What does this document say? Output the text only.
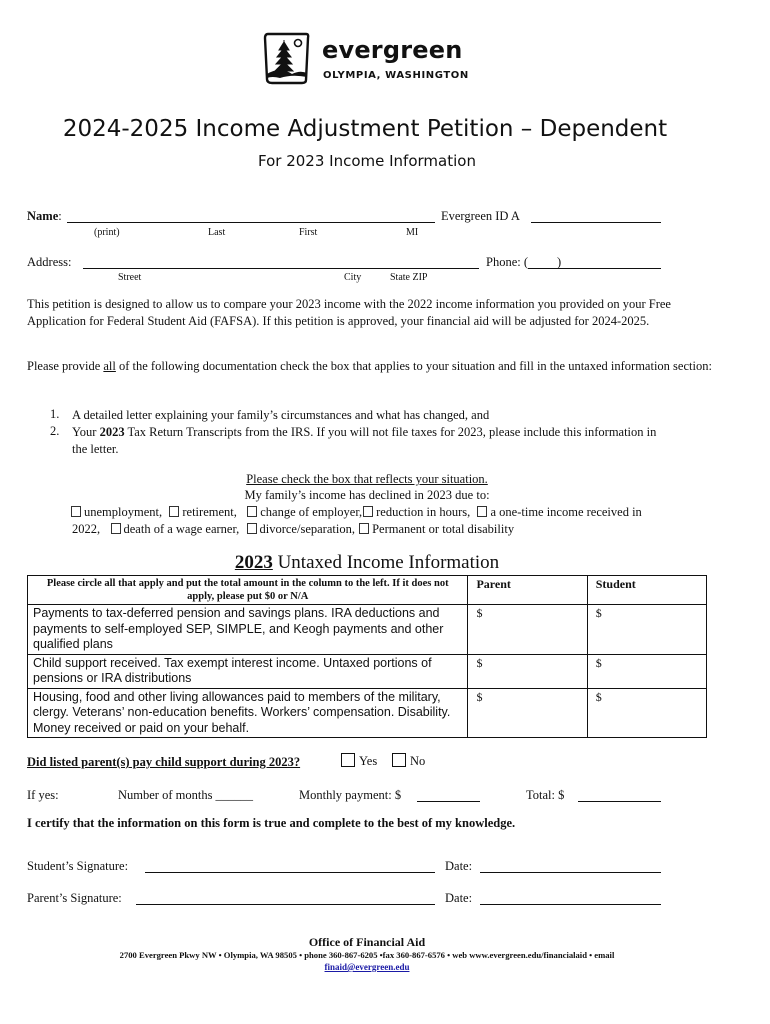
evergreen
OLYMPIA, WASHINGTON
2024-2025 Income Adjustment Petition – Dependent
For 2023 Income Information
Name:	Evergreen ID A
(print)	Last	First	MI
Address:	Phone: ( )
Street	City	State ZIP
This petition is designed to allow us to compare your 2023 income with the 2022 income information you provided on your Free Application for Federal Student Aid (FAFSA). If this petition is approved, your financial aid will be adjusted for 2024-2025.
Please provide all of the following documentation check the box that applies to your situation and fill in the untaxed information section:
1. A detailed letter explaining your family’s circumstances and what has changed, and
2. Your 2023 Tax Return Transcripts from the IRS. If you will not file taxes for 2023, please include this information in the letter.
Please check the box that reflects your situation.
My family’s income has declined in 2023 due to:
unemployment, retirement, change of employer, reduction in hours, a one-time income received in
2022, death of a wage earner, divorce/separation, Permanent or total disability
2023 Untaxed Income Information
Please circle all that apply and put the total amount in the column to the left. If it does not apply, please put $0 or N/A	Parent	Student
Payments to tax-deferred pension and savings plans. IRA deductions and payments to self-employed SEP, SIMPLE, and Keogh payments and other qualified plans	$	$
Child support received. Tax exempt interest income. Untaxed portions of pensions or IRA distributions	$	$
Housing, food and other living allowances paid to members of the military, clergy. Veterans’ non-education benefits. Workers’ compensation. Disability. Money received or paid on your behalf.	$	$
Did listed parent(s) pay child support during 2023?	Yes	No
If yes:	Number of months ______	Monthly payment: $	Total: $
I certify that the information on this form is true and complete to the best of my knowledge.
Student’s Signature:	Date:
Parent’s Signature:	Date:
Office of Financial Aid
2700 Evergreen Pkwy NW • Olympia, WA 98505 • phone 360-867-6205 •fax 360-867-6576 • web www.evergreen.edu/financialaid • email
finaid@evergreen.edu
